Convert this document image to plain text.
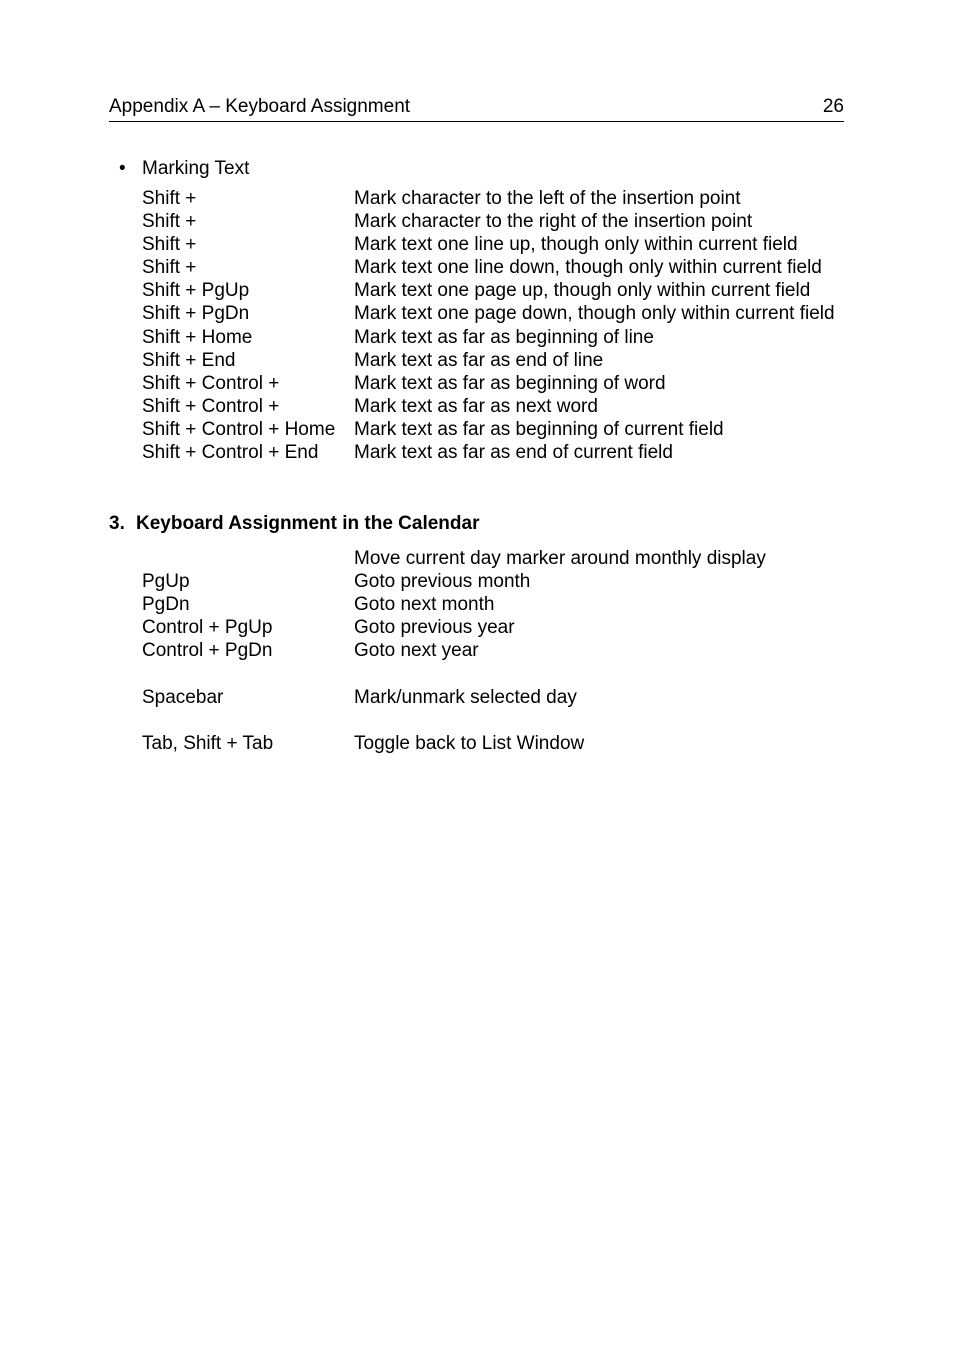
Appendix A – Keyboard Assignment	26
• Marking Text
Shift +	Mark character to the left of the insertion point
Shift +	Mark character to the right of the insertion point
Shift +	Mark text one line up, though only within current field
Shift +	Mark text one line down, though only within current field
Shift + PgUp	Mark text one page up, though only within current field
Shift + PgDn	Mark text one page down, though only within current field
Shift + Home	Mark text as far as beginning of line
Shift + End	Mark text as far as end of line
Shift + Control +	Mark text as far as beginning of word
Shift + Control +	Mark text as far as next word
Shift + Control + Home Mark text as far as beginning of current field
Shift + Control + End Mark text as far as end of current field
3. Keyboard Assignment in the Calendar
Move current day marker around monthly display
PgUp	Goto previous month
PgDn	Goto next month
Control + PgUp	Goto previous year
Control + PgDn	Goto next year
Spacebar	Mark/unmark selected day
Tab, Shift + Tab	Toggle back to List Window
